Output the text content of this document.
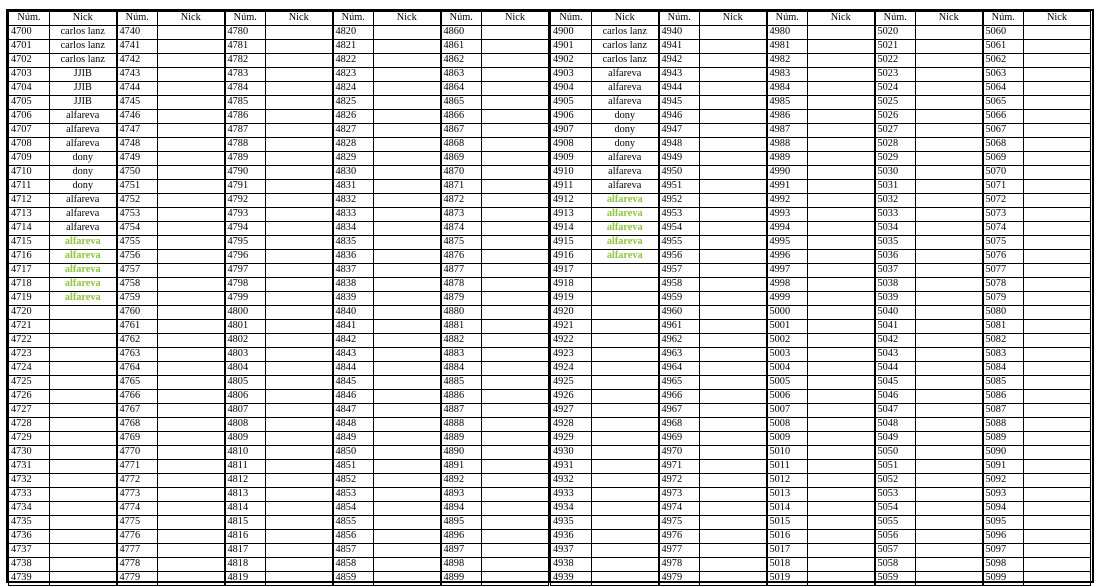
Núm.	Nick	Núm.	Nick	Núm.	Nick	Núm.	Nick	Núm.	Nick
4700	carlos lanz	4740		4780		4820		4860	
4701	carlos lanz	4741		4781		4821		4861	
4702	carlos lanz	4742		4782		4822		4862	
4703	JJIB	4743		4783		4823		4863	
4704	JJIB	4744		4784		4824		4864	
4705	JJIB	4745		4785		4825		4865	
4706	alfareva	4746		4786		4826		4866	
4707	alfareva	4747		4787		4827		4867	
4708	alfareva	4748		4788		4828		4868	
4709	dony	4749		4789		4829		4869	
4710	dony	4750		4790		4830		4870	
4711	dony	4751		4791		4831		4871	
4712	alfareva	4752		4792		4832		4872	
4713	alfareva	4753		4793		4833		4873	
4714	alfareva	4754		4794		4834		4874	
4715	alfareva	4755		4795		4835		4875	
4716	alfareva	4756		4796		4836		4876	
4717	alfareva	4757		4797		4837		4877	
4718	alfareva	4758		4798		4838		4878	
4719	alfareva	4759		4799		4839		4879	
4720		4760		4800		4840		4880	
4721		4761		4801		4841		4881	
4722		4762		4802		4842		4882	
4723		4763		4803		4843		4883	
4724		4764		4804		4844		4884	
4725		4765		4805		4845		4885	
4726		4766		4806		4846		4886	
4727		4767		4807		4847		4887	
4728		4768		4808		4848		4888	
4729		4769		4809		4849		4889	
4730		4770		4810		4850		4890	
4731		4771		4811		4851		4891	
4732		4772		4812		4852		4892	
4733		4773		4813		4853		4893	
4734		4774		4814		4854		4894	
4735		4775		4815		4855		4895	
4736		4776		4816		4856		4896	
4737		4777		4817		4857		4897	
4738		4778		4818		4858		4898	
4739		4779		4819		4859		4899	
Núm.	Nick	Núm.	Nick	Núm.	Nick	Núm.	Nick	Núm.	Nick
4900	carlos lanz	4940		4980		5020		5060	
4901	carlos lanz	4941		4981		5021		5061	
4902	carlos lanz	4942		4982		5022		5062	
4903	alfareva	4943		4983		5023		5063	
4904	alfareva	4944		4984		5024		5064	
4905	alfareva	4945		4985		5025		5065	
4906	dony	4946		4986		5026		5066	
4907	dony	4947		4987		5027		5067	
4908	dony	4948		4988		5028		5068	
4909	alfareva	4949		4989		5029		5069	
4910	alfareva	4950		4990		5030		5070	
4911	alfareva	4951		4991		5031		5071	
4912	alfareva	4952		4992		5032		5072	
4913	alfareva	4953		4993		5033		5073	
4914	alfareva	4954		4994		5034		5074	
4915	alfareva	4955		4995		5035		5075	
4916	alfareva	4956		4996		5036		5076	
4917		4957		4997		5037		5077	
4918		4958		4998		5038		5078	
4919		4959		4999		5039		5079	
4920		4960		5000		5040		5080	
4921		4961		5001		5041		5081	
4922		4962		5002		5042		5082	
4923		4963		5003		5043		5083	
4924		4964		5004		5044		5084	
4925		4965		5005		5045		5085	
4926		4966		5006		5046		5086	
4927		4967		5007		5047		5087	
4928		4968		5008		5048		5088	
4929		4969		5009		5049		5089	
4930		4970		5010		5050		5090	
4931		4971		5011		5051		5091	
4932		4972		5012		5052		5092	
4933		4973		5013		5053		5093	
4934		4974		5014		5054		5094	
4935		4975		5015		5055		5095	
4936		4976		5016		5056		5096	
4937		4977		5017		5057		5097	
4938		4978		5018		5058		5098	
4939		4979		5019		5059		5099	
